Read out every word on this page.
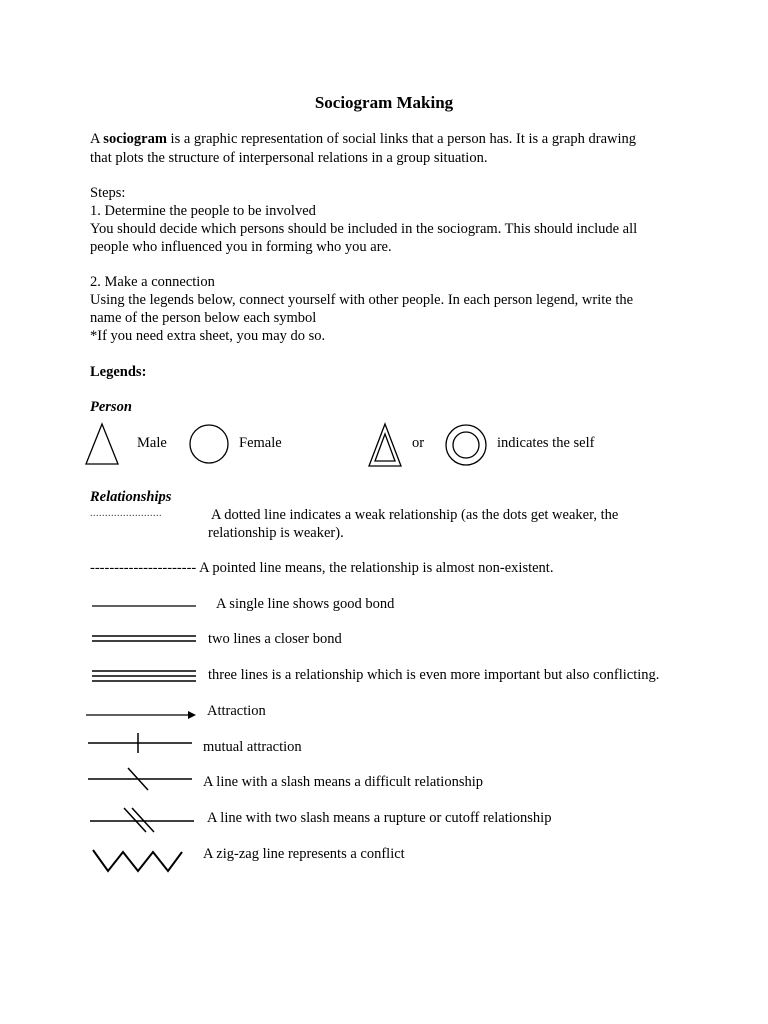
Sociogram Making
A sociogram is a graphic representation of social links that a person has. It is a graph drawing
that plots the structure of interpersonal relations in a group situation.
Steps:
1. Determine the people to be involved
You should decide which persons should be included in the sociogram. This should include all
people who influenced you in forming who you are.
2. Make a connection
Using the legends below, connect yourself with other people. In each person legend, write the
name of the person below each symbol
*If you need extra sheet, you may do so.
Legends:
Person
Male	Female	or	indicates the self
Relationships
........................	A dotted line indicates a weak relationship (as the dots get weaker, the
relationship is weaker).
---------------------- A pointed line means, the relationship is almost non-existent.
A single line shows good bond
two lines a closer bond
three lines is a relationship which is even more important but also conflicting.
Attraction
mutual attraction
A line with a slash means a difficult relationship
A line with two slash means a rupture or cutoff relationship
A zig-zag line represents a conflict
